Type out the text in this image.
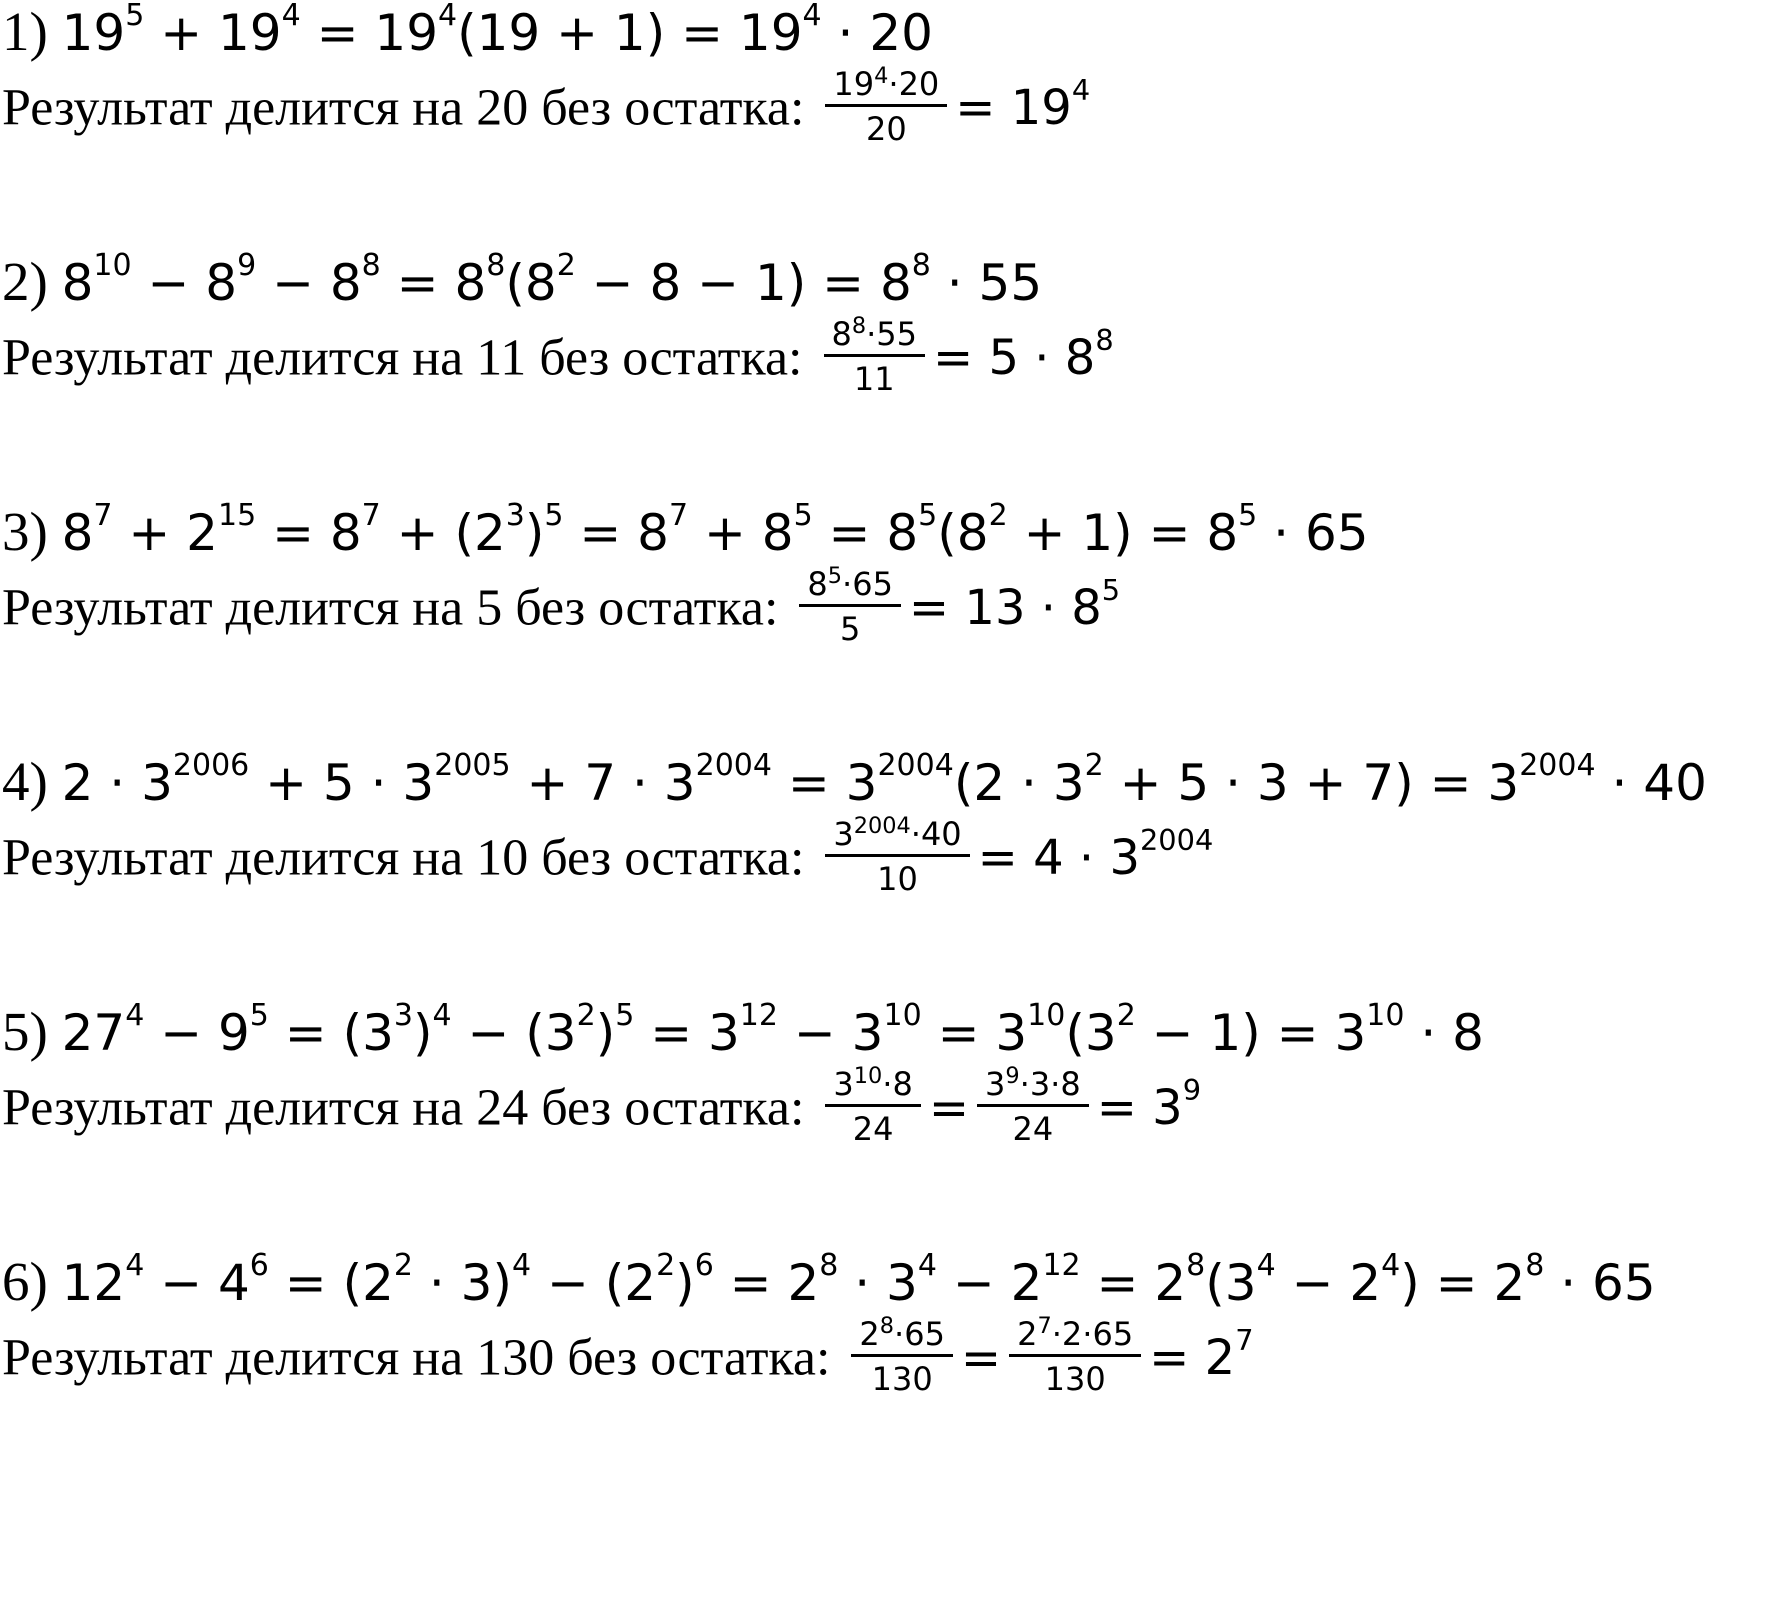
1) $19^5 + 19^4 = 19^4(19 + 1) = 19^4 \cdot 20$
Результат делится на 20 без остатка: $\frac{19^4\cdot 20}{20} = 19^4$
2) $8^{10} - 8^9 - 8^8 = 8^8(8^2 - 8 - 1) = 8^8 \cdot 55$
Результат делится на 11 без остатка: $\frac{8^8\cdot 55}{11} = 5 \cdot 8^8$
3) $8^7 + 2^{15} = 8^7 + (2^3)^5 = 8^7 + 8^5 = 8^5(8^2 + 1) = 8^5 \cdot 65$
Результат делится на 5 без остатка: $\frac{8^5\cdot 65}{5} = 13 \cdot 8^5$
4) $2 \cdot 3^{2006} + 5 \cdot 3^{2005} + 7 \cdot 3^{2004} = 3^{2004}(2 \cdot 3^2 + 5 \cdot 3 + 7) = 3^{2004} \cdot 40$
Результат делится на 10 без остатка: $\frac{3^{2004}\cdot 40}{10} = 4 \cdot 3^{2004}$
5) $27^4 - 9^5 = (3^3)^4 - (3^2)^5 = 3^{12} - 3^{10} = 3^{10}(3^2 - 1) = 3^{10} \cdot 8$
Результат делится на 24 без остатка: $\frac{3^{10}\cdot 8}{24} = \frac{3^9\cdot 3\cdot 8}{24} = 3^9$
6) $12^4 - 4^6 = (2^2 \cdot 3)^4 - (2^2)^6 = 2^8 \cdot 3^4 - 2^{12} = 2^8(3^4 - 2^4) = 2^8 \cdot 65$
Результат делится на 130 без остатка: $\frac{2^8\cdot 65}{130} = \frac{2^7\cdot 2\cdot 65}{130} = 2^7$
